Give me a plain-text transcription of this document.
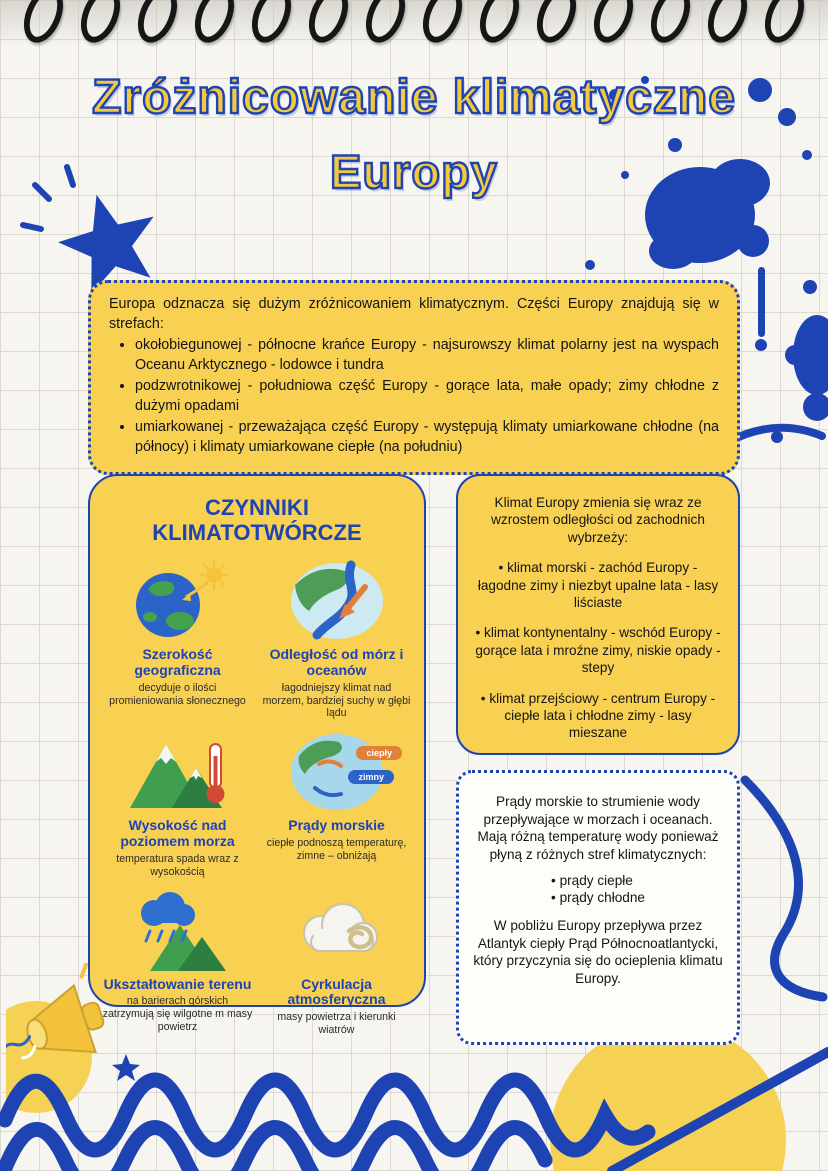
Zróżnicowanie klimatyczne
Europy

Europa odznacza się dużym zróżnicowaniem klimatycznym. Części Europy znajdują się w strefach:

• okołobiegunowej - północne krańce Europy - najsurowszy klimat polarny jest na wyspach Oceanu Arktycznego - lodowce i tundra
• podzwrotnikowej - południowa część Europy - gorące lata, małe opady; zimy chłodne z dużymi opadami
• umiarkowanej - przeważająca część Europy - występują klimaty umiarkowane chłodne (na północy) i klimaty umiarkowane ciepłe (na południu)
CZYNNIKI
KLIMATOTWÓRCZE
Szerokość geograficzna
decyduje o ilości promieniowania słonecznego
Odległość od mórz i oceanów
łagodniejszy klimat nad morzem, bardziej suchy w głębi lądu
Wysokość nad poziomem morza
temperatura spada wraz z wysokością
ciepły
zimny
Prądy morskie
ciepłe podnoszą temperaturę, zimne – obniżają
Ukształtowanie terenu
na barierach górskich zatrzymują się wilgotne m masy powietrz
Cyrkulacja atmosferyczna
masy powietrza i kierunki wiatrów

Klimat Europy zmienia się wraz ze wzrostem odległości od zachodnich wybrzeży:

• klimat morski - zachód Europy - łagodne zimy i niezbyt upalne lata - lasy liściaste
• klimat kontynentalny - wschód Europy - gorące lata i mroźne zimy, niskie opady - stepy
• klimat przejściowy - centrum Europy - ciepłe lata i chłodne zimy - lasy mieszane

Prądy morskie to strumienie wody przepływające w morzach i oceanach. Mają różną temperaturę wody ponieważ płyną z różnych stref klimatycznych:

• prądy ciepłe
• prądy chłodne

W pobliżu Europy przepływa przez Atlantyk ciepły Prąd Północnoatlantycki, który przyczynia się do ocieplenia klimatu Europy.
